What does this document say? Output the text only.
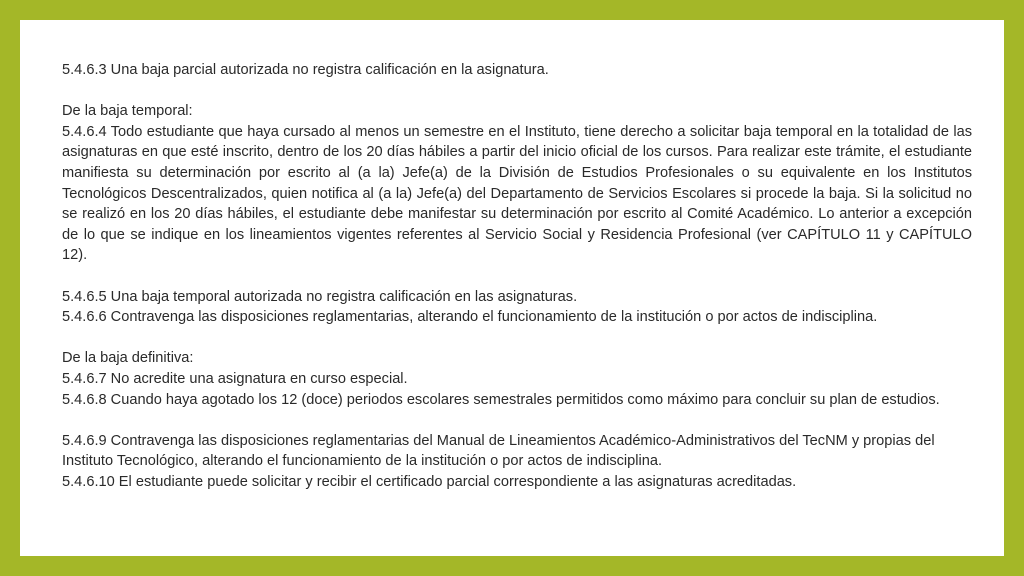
5.4.6.3 Una baja parcial autorizada no registra calificación en la asignatura.

De la baja temporal:

5.4.6.4 Todo estudiante que haya cursado al menos un semestre en el Instituto, tiene derecho a solicitar baja temporal en la totalidad de las asignaturas en que esté inscrito, dentro de los 20 días hábiles a partir del inicio oficial de los cursos. Para realizar este trámite, el estudiante manifiesta su determinación por escrito al (a la) Jefe(a) de la División de Estudios Profesionales o su equivalente en los Institutos Tecnológicos Descentralizados, quien notifica al (a la) Jefe(a) del Departamento de Servicios Escolares si procede la baja. Si la solicitud no se realizó en los 20 días hábiles, el estudiante debe manifestar su determinación por escrito al Comité Académico. Lo anterior a excepción de lo que se indique en los lineamientos vigentes referentes al Servicio Social y Residencia Profesional (ver CAPÍTULO 11 y CAPÍTULO 12).

5.4.6.5 Una baja temporal autorizada no registra calificación en las asignaturas.

5.4.6.6 Contravenga las disposiciones reglamentarias, alterando el funcionamiento de la institución o por actos de indisciplina.

De la baja definitiva:

5.4.6.7 No acredite una asignatura en curso especial.

5.4.6.8 Cuando haya agotado los 12 (doce) periodos escolares semestrales permitidos como máximo para concluir su plan de estudios.

5.4.6.9 Contravenga las disposiciones reglamentarias del Manual de Lineamientos Académico-Administrativos del TecNM y propias del Instituto Tecnológico, alterando el funcionamiento de la institución o por actos de indisciplina.

5.4.6.10 El estudiante puede solicitar y recibir el certificado parcial correspondiente a las asignaturas acreditadas.
